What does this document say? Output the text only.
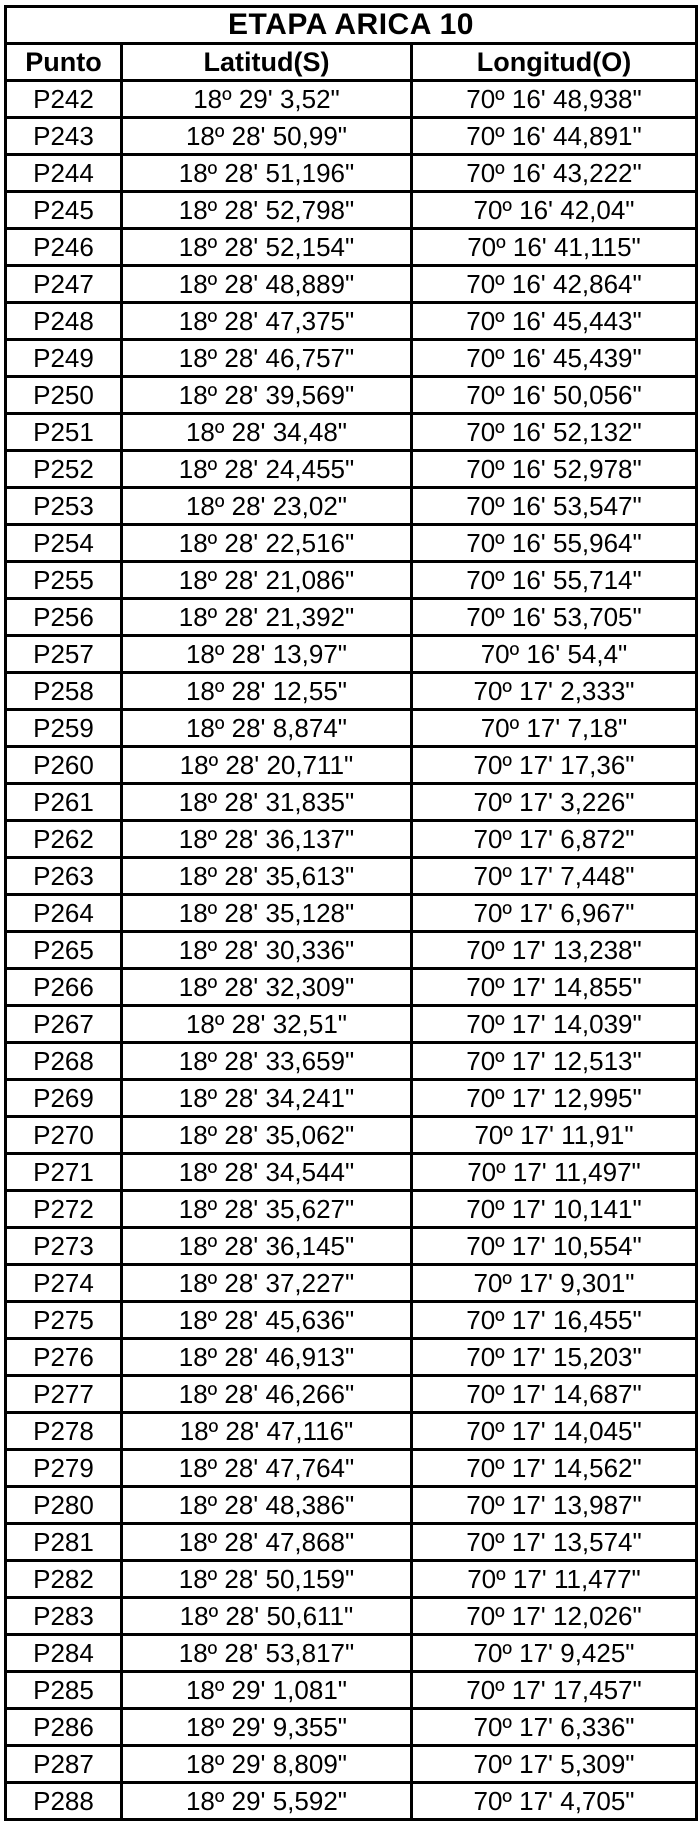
ETAPA ARICA 10		
Punto	Latitud(S)	Longitud(O)
P242	18º 29' 3,52"	70º 16' 48,938"
P243	18º 28' 50,99"	70º 16' 44,891"
P244	18º 28' 51,196"	70º 16' 43,222"
P245	18º 28' 52,798"	70º 16' 42,04"
P246	18º 28' 52,154"	70º 16' 41,115"
P247	18º 28' 48,889"	70º 16' 42,864"
P248	18º 28' 47,375"	70º 16' 45,443"
P249	18º 28' 46,757"	70º 16' 45,439"
P250	18º 28' 39,569"	70º 16' 50,056"
P251	18º 28' 34,48"	70º 16' 52,132"
P252	18º 28' 24,455"	70º 16' 52,978"
P253	18º 28' 23,02"	70º 16' 53,547"
P254	18º 28' 22,516"	70º 16' 55,964"
P255	18º 28' 21,086"	70º 16' 55,714"
P256	18º 28' 21,392"	70º 16' 53,705"
P257	18º 28' 13,97"	70º 16' 54,4"
P258	18º 28' 12,55"	70º 17' 2,333"
P259	18º 28' 8,874"	70º 17' 7,18"
P260	18º 28' 20,711"	70º 17' 17,36"
P261	18º 28' 31,835"	70º 17' 3,226"
P262	18º 28' 36,137"	70º 17' 6,872"
P263	18º 28' 35,613"	70º 17' 7,448"
P264	18º 28' 35,128"	70º 17' 6,967"
P265	18º 28' 30,336"	70º 17' 13,238"
P266	18º 28' 32,309"	70º 17' 14,855"
P267	18º 28' 32,51"	70º 17' 14,039"
P268	18º 28' 33,659"	70º 17' 12,513"
P269	18º 28' 34,241"	70º 17' 12,995"
P270	18º 28' 35,062"	70º 17' 11,91"
P271	18º 28' 34,544"	70º 17' 11,497"
P272	18º 28' 35,627"	70º 17' 10,141"
P273	18º 28' 36,145"	70º 17' 10,554"
P274	18º 28' 37,227"	70º 17' 9,301"
P275	18º 28' 45,636"	70º 17' 16,455"
P276	18º 28' 46,913"	70º 17' 15,203"
P277	18º 28' 46,266"	70º 17' 14,687"
P278	18º 28' 47,116"	70º 17' 14,045"
P279	18º 28' 47,764"	70º 17' 14,562"
P280	18º 28' 48,386"	70º 17' 13,987"
P281	18º 28' 47,868"	70º 17' 13,574"
P282	18º 28' 50,159"	70º 17' 11,477"
P283	18º 28' 50,611"	70º 17' 12,026"
P284	18º 28' 53,817"	70º 17' 9,425"
P285	18º 29' 1,081"	70º 17' 17,457"
P286	18º 29' 9,355"	70º 17' 6,336"
P287	18º 29' 8,809"	70º 17' 5,309"
P288	18º 29' 5,592"	70º 17' 4,705"
